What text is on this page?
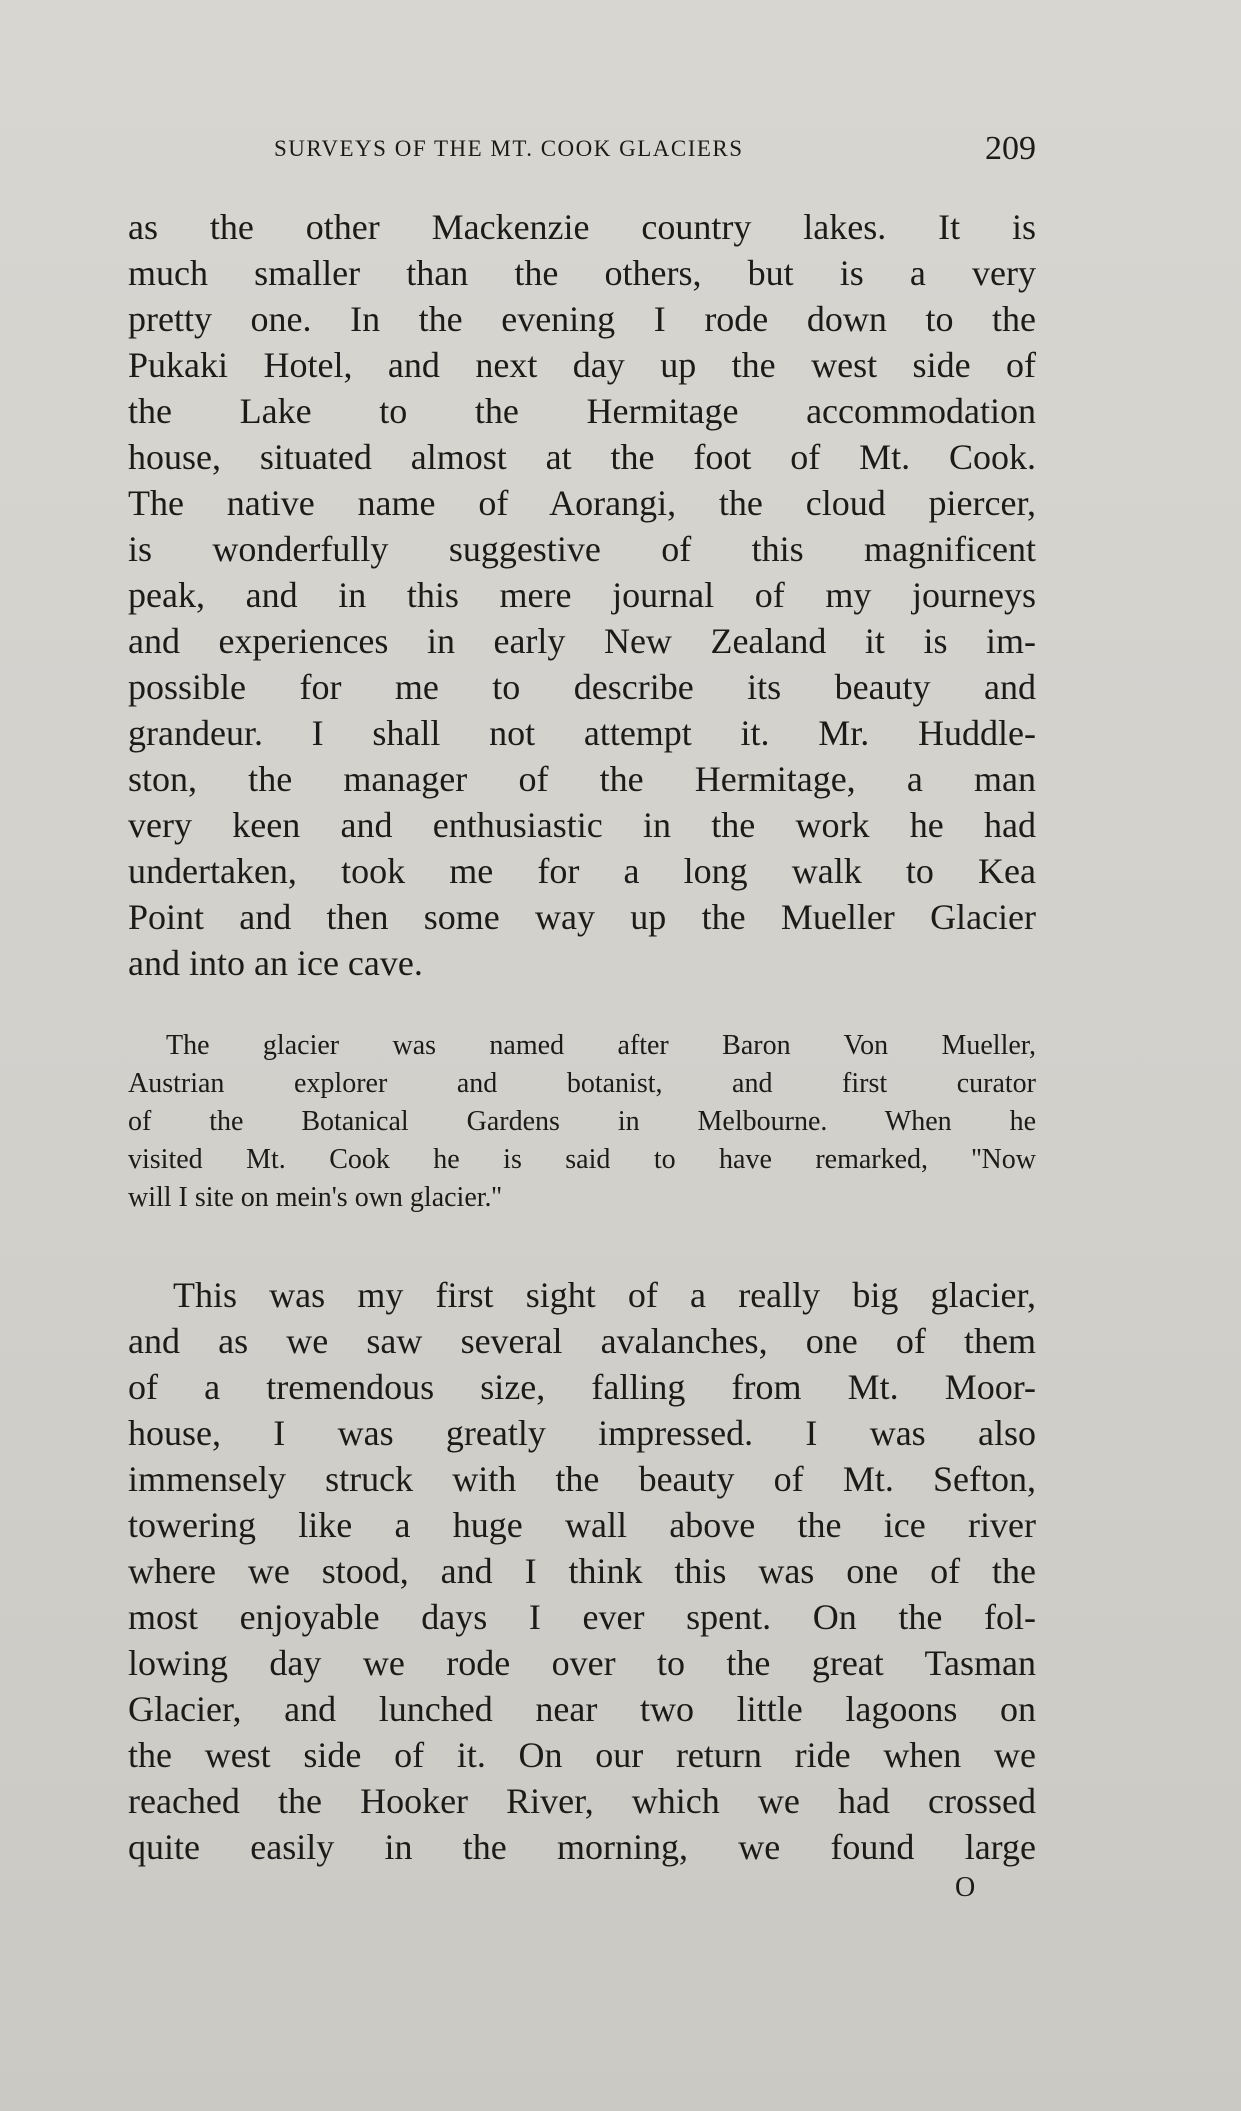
SURVEYS OF THE MT. COOK GLACIERS	209
as the other Mackenzie country lakes. It is
much smaller than the others, but is a very
pretty one. In the evening I rode down to the
Pukaki Hotel, and next day up the west side of
the Lake to the Hermitage accommodation
house, situated almost at the foot of Mt. Cook.
The native name of Aorangi, the cloud piercer,
is wonderfully suggestive of this magnificent
peak, and in this mere journal of my journeys
and experiences in early New Zealand it is im-
possible for me to describe its beauty and
grandeur. I shall not attempt it. Mr. Huddle-
ston, the manager of the Hermitage, a man
very keen and enthusiastic in the work he had
undertaken, took me for a long walk to Kea
Point and then some way up the Mueller Glacier
and into an ice cave.
The glacier was named after Baron Von Mueller,
Austrian explorer and botanist, and first curator
of the Botanical Gardens in Melbourne. When he
visited Mt. Cook he is said to have remarked, ''Now
will I site on mein's own glacier.''
This was my first sight of a really big glacier,
and as we saw several avalanches, one of them
of a tremendous size, falling from Mt. Moor-
house, I was greatly impressed. I was also
immensely struck with the beauty of Mt. Sefton,
towering like a huge wall above the ice river
where we stood, and I think this was one of the
most enjoyable days I ever spent. On the fol-
lowing day we rode over to the great Tasman
Glacier, and lunched near two little lagoons on
the west side of it. On our return ride when we
reached the Hooker River, which we had crossed
quite easily in the morning, we found large
O
